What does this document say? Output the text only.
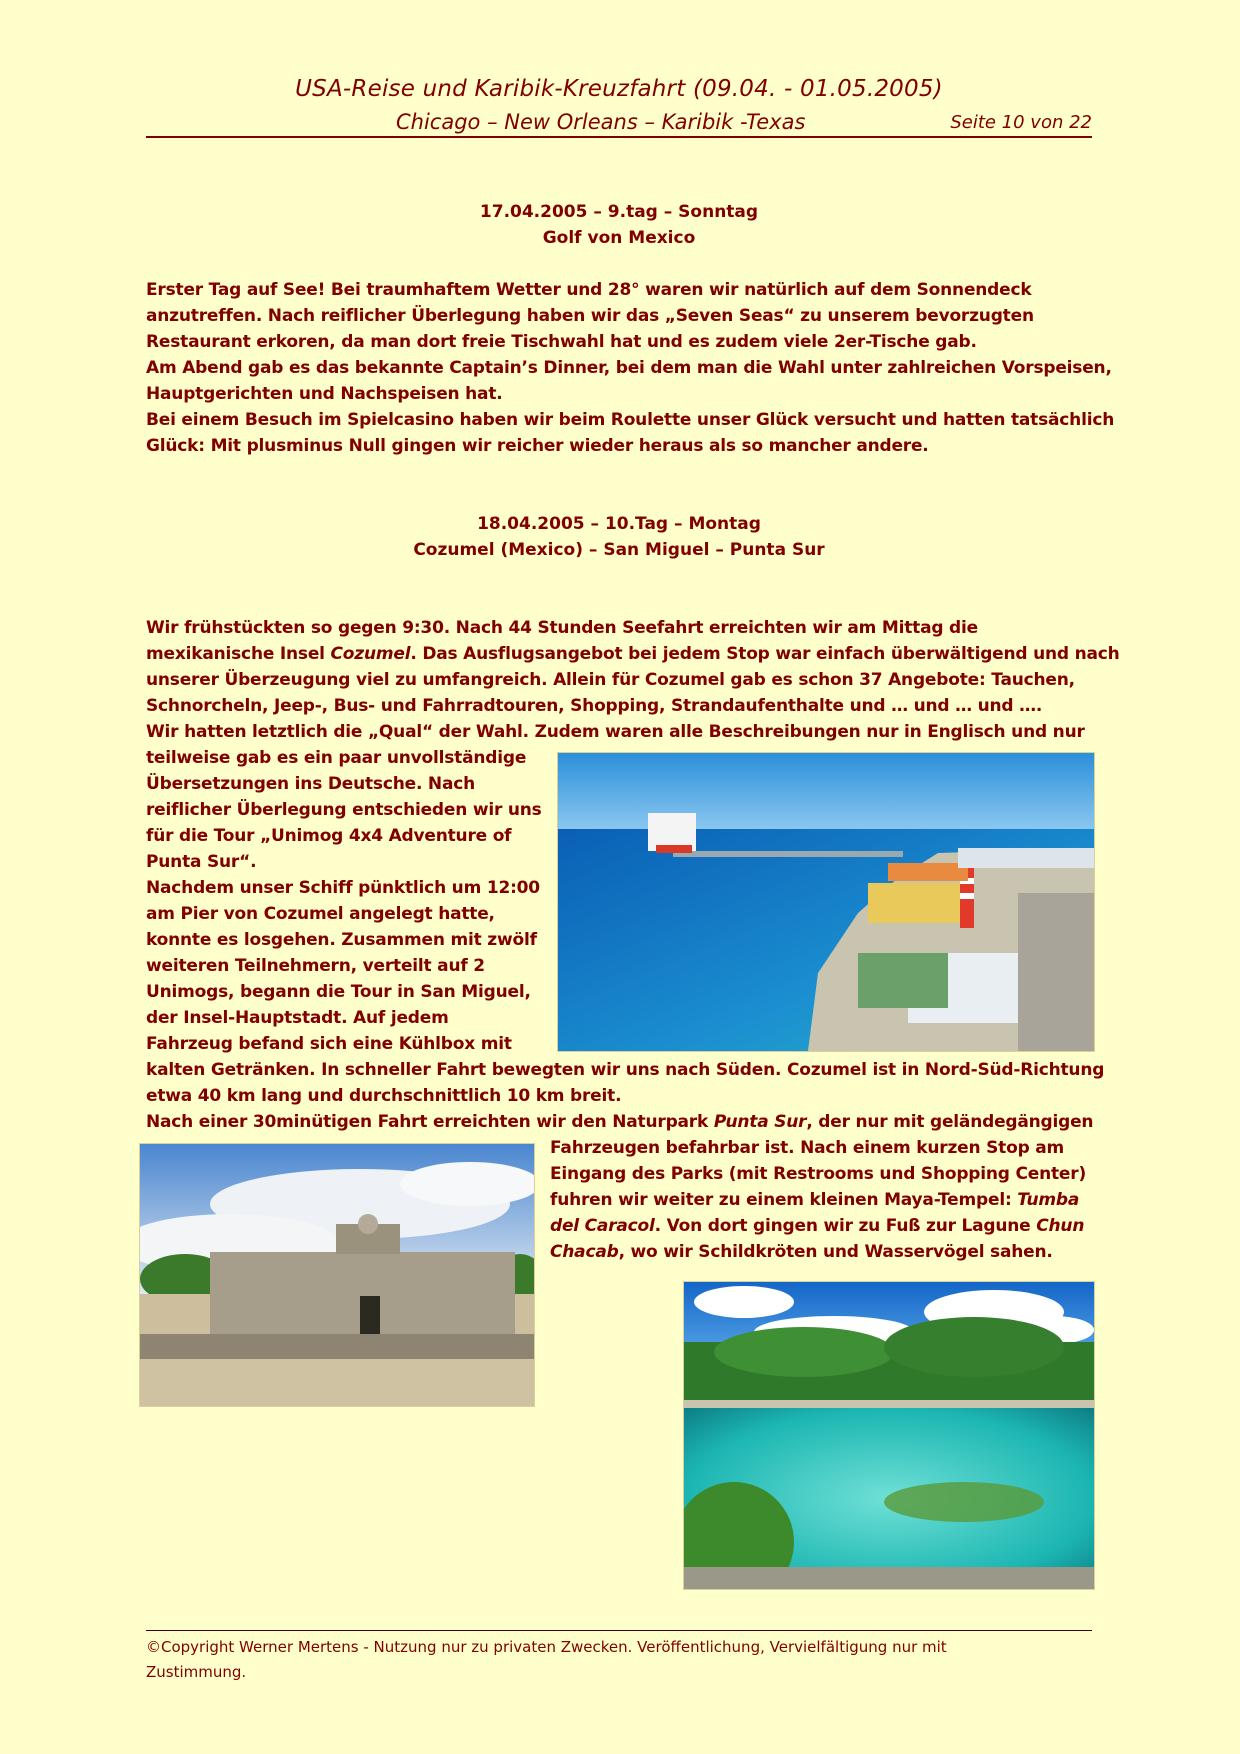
USA-Reise und Karibik-Kreuzfahrt (09.04. - 01.05.2005)
Chicago – New Orleans – Karibik -Texas	Seite 10 von 22
17.04.2005 – 9.tag – Sonntag
Golf von Mexico

Erster Tag auf See! Bei traumhaftem Wetter und 28° waren wir natürlich auf dem Sonnendeck

anzutreffen. Nach reiflicher Überlegung haben wir das „Seven Seas“ zu unserem bevorzugten

Restaurant erkoren, da man dort freie Tischwahl hat und es zudem viele 2er-Tische gab.

Am Abend gab es das bekannte Captain’s Dinner, bei dem man die Wahl unter zahlreichen Vorspeisen,

Hauptgerichten und Nachspeisen hat.

Bei einem Besuch im Spielcasino haben wir beim Roulette unser Glück versucht und hatten tatsächlich

Glück: Mit plusminus Null gingen wir reicher wieder heraus als so mancher andere.

18.04.2005 – 10.Tag – Montag
Cozumel (Mexico) – San Miguel – Punta Sur

Wir frühstückten so gegen 9:30. Nach 44 Stunden Seefahrt erreichten wir am Mittag die

mexikanische Insel Cozumel. Das Ausflugsangebot bei jedem Stop war einfach überwältigend und nach

unserer Überzeugung viel zu umfangreich. Allein für Cozumel gab es schon 37 Angebote: Tauchen,

Schnorcheln, Jeep-, Bus- und Fahrradtouren, Shopping, Strandaufenthalte und … und … und ….

Wir hatten letztlich die „Qual“ der Wahl. Zudem waren alle Beschreibungen nur in Englisch und nur

teilweise gab es ein paar unvollständige

Übersetzungen ins Deutsche. Nach

reiflicher Überlegung entschieden wir uns

für die Tour „Unimog 4x4 Adventure of

Punta Sur“.

Nachdem unser Schiff pünktlich um 12:00

am Pier von Cozumel angelegt hatte,

konnte es losgehen. Zusammen mit zwölf

weiteren Teilnehmern, verteilt auf 2

Unimogs, begann die Tour in San Miguel,

der Insel-Hauptstadt. Auf jedem

Fahrzeug befand sich eine Kühlbox mit

kalten Getränken. In schneller Fahrt bewegten wir uns nach Süden. Cozumel ist in Nord-Süd-Richtung

etwa 40 km lang und durchschnittlich 10 km breit.

Nach einer 30minütigen Fahrt erreichten wir den Naturpark Punta Sur, der nur mit geländegängigen

Fahrzeugen befahrbar ist. Nach einem kurzen Stop am

Eingang des Parks (mit Restrooms und Shopping Center)

fuhren wir weiter zu einem kleinen Maya-Tempel: Tumba

del Caracol. Von dort gingen wir zu Fuß zur Lagune Chun

Chacab, wo wir Schildkröten und Wasservögel sahen.

©Copyright Werner Mertens - Nutzung nur zu privaten Zwecken. Veröffentlichung, Vervielfältigung nur mit
Zustimmung.
